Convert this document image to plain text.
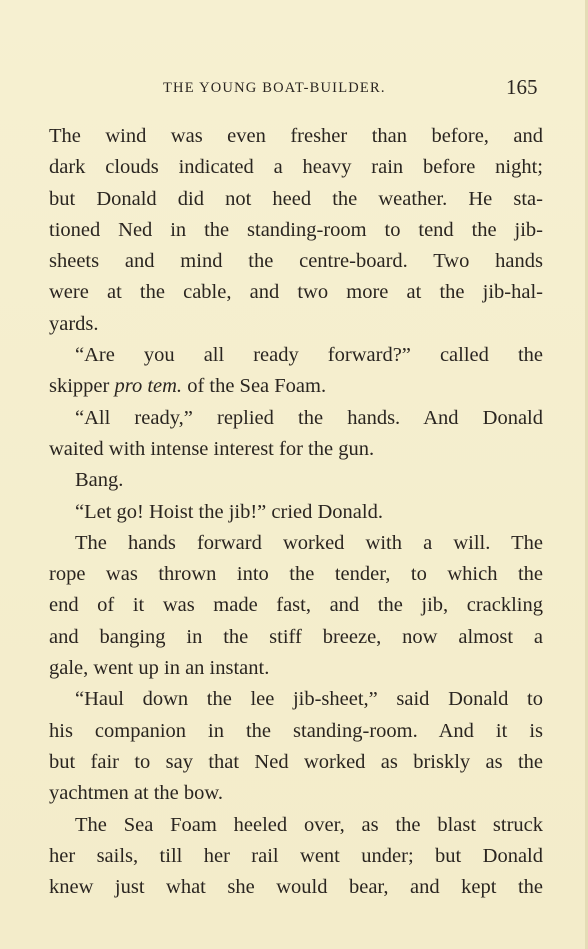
THE YOUNG BOAT-BUILDER.	165
The wind was even fresher than before, and
dark clouds indicated a heavy rain before night;
but Donald did not heed the weather. He sta-
tioned Ned in the standing-room to tend the jib-
sheets and mind the centre-board. Two hands
were at the cable, and two more at the jib-hal-
yards.
“Are you all ready forward?” called the
skipper pro tem. of the Sea Foam.
“All ready,” replied the hands. And Donald
waited with intense interest for the gun.
Bang.
“Let go! Hoist the jib!” cried Donald.
The hands forward worked with a will. The
rope was thrown into the tender, to which the
end of it was made fast, and the jib, crackling
and banging in the stiff breeze, now almost a
gale, went up in an instant.
“Haul down the lee jib-sheet,” said Donald to
his companion in the standing-room. And it is
but fair to say that Ned worked as briskly as the
yachtmen at the bow.
The Sea Foam heeled over, as the blast struck
her sails, till her rail went under; but Donald
knew just what she would bear, and kept the
